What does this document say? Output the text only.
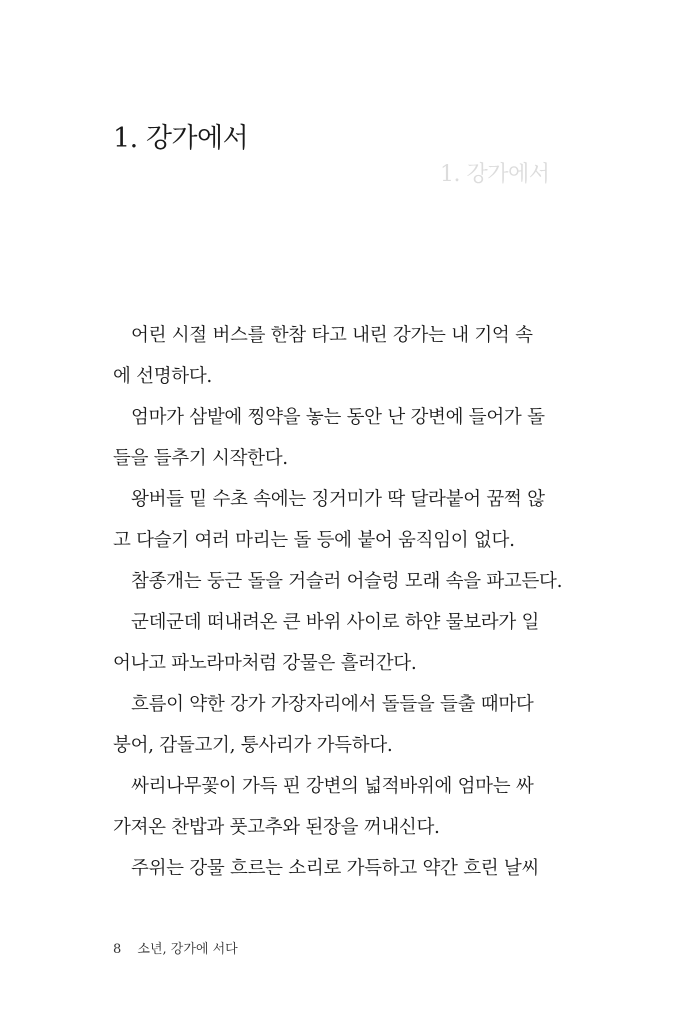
1. 강가에서
1. 강가에서
어린 시절 버스를 한참 타고 내린 강가는 내 기억 속
에 선명하다.
엄마가 삼밭에 찡약을 놓는 동안 난 강변에 들어가 돌
들을 들추기 시작한다.
왕버들 밑 수초 속에는 징거미가 딱 달라붙어 꿈쩍 않
고 다슬기 여러 마리는 돌 등에 붙어 움직임이 없다.
참종개는 둥근 돌을 거슬러 어슬렁 모래 속을 파고든다.
군데군데 떠내려온 큰 바위 사이로 하얀 물보라가 일
어나고 파노라마처럼 강물은 흘러간다.
흐름이 약한 강가 가장자리에서 돌들을 들출 때마다
붕어, 감돌고기, 퉁사리가 가득하다.
싸리나무꽃이 가득 핀 강변의 넓적바위에 엄마는 싸
가져온 찬밥과 풋고추와 된장을 꺼내신다.
주위는 강물 흐르는 소리로 가득하고 약간 흐린 날씨
8 소년, 강가에 서다
